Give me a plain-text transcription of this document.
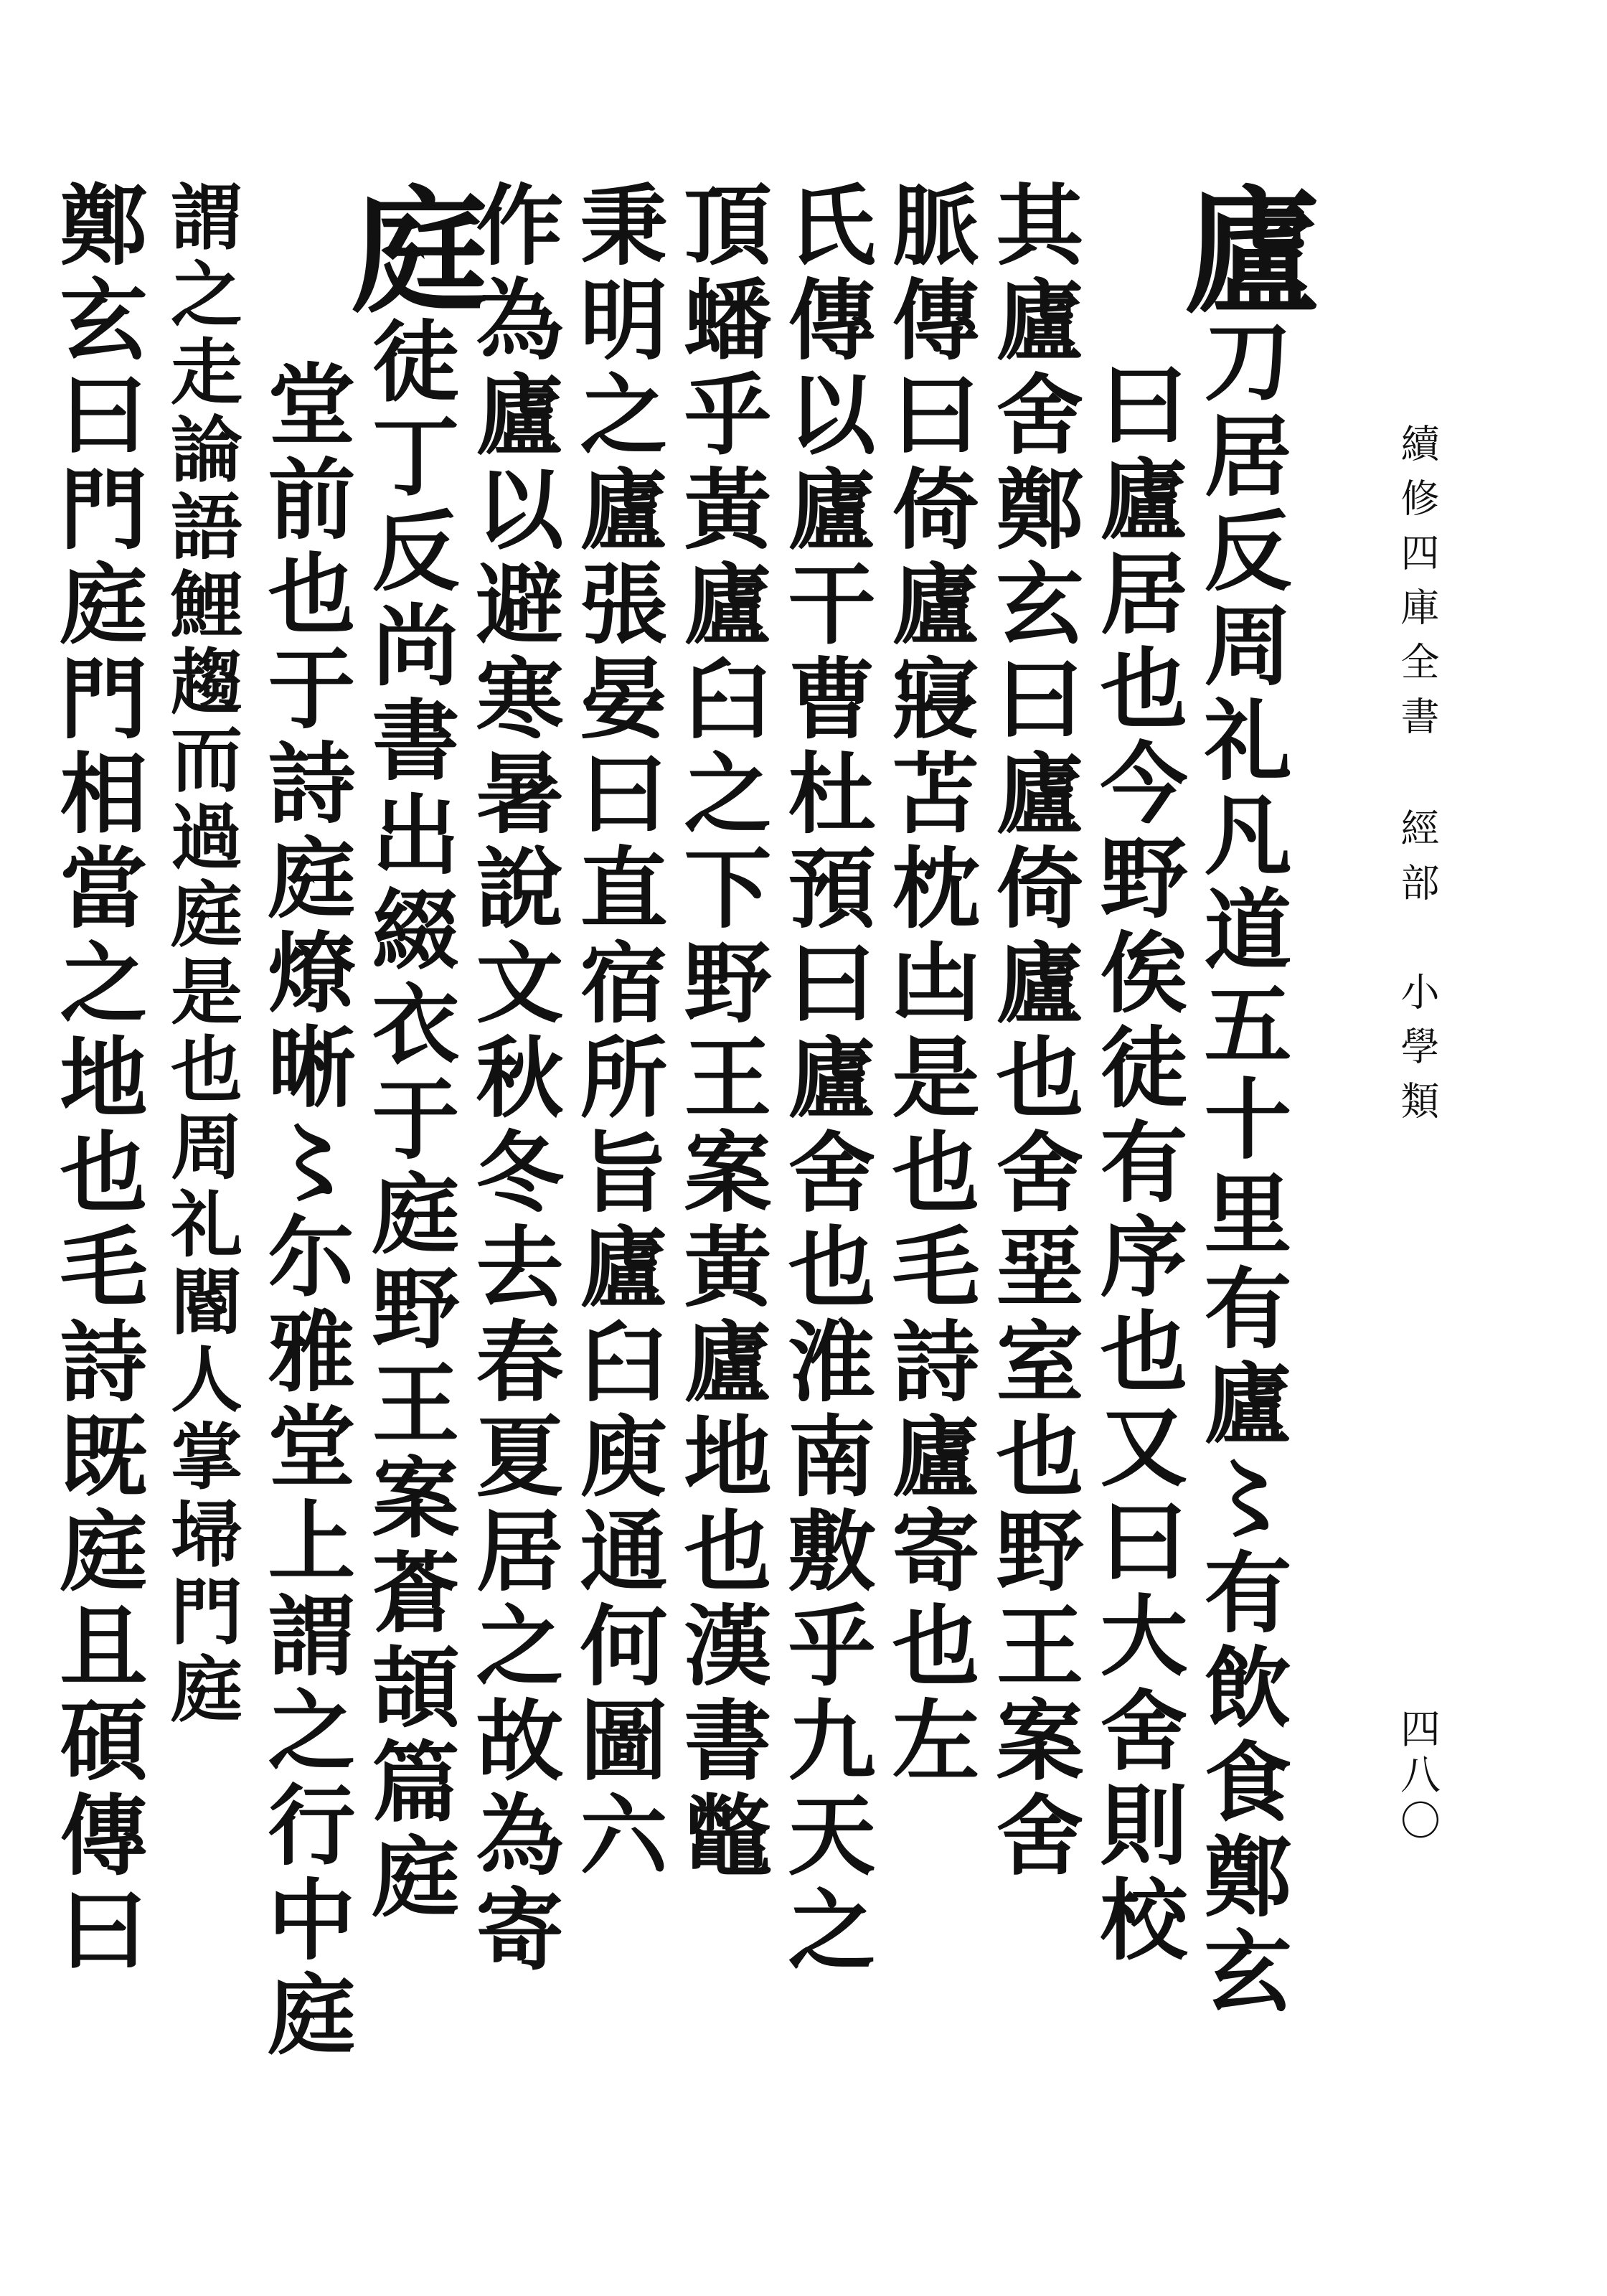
廬刀居反周礼凡道五十里有廬〻有飲食鄭玄
曰廬居也今野俟徒有序也又曰大舍則校
其廬舍鄭玄曰廬倚廬也舍堊室也野王案舍
脈傳曰倚廬寢苫枕凷是也毛詩廬寄也左
氏傳以廬干曹杜預曰廬舍也淮南敷乎九天之
頂蟠乎黃廬臼之下野王案黃廬地也漢書鼈
秉明之廬張晏曰直宿所旨廬臼庾通何圖六
作為廬以避寒暑說文秋冬去春夏居之故為寄
庭徒丁反尚書出綴衣于庭野王案蒼頡篇庭
堂前也于詩庭燎晰〻尓雅堂上謂之行中庭
謂之走論語鯉趨而過庭是也周礼閽人掌埽門庭
鄭玄曰門庭門相當之地也毛詩既庭且碩傳曰	續修四庫全書經部　小學類
四八〇
